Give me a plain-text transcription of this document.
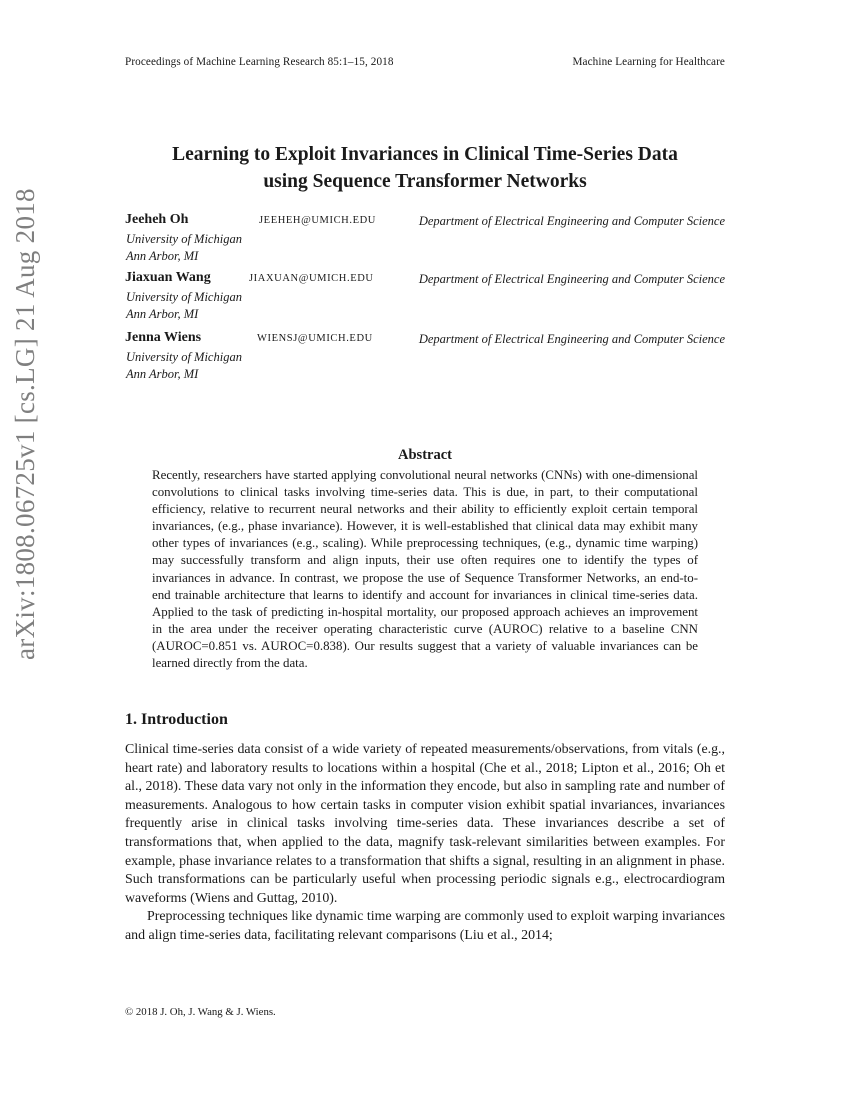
Proceedings of Machine Learning Research 85:1–15, 2018	Machine Learning for Healthcare
Learning to Exploit Invariances in Clinical Time-Series Data
using Sequence Transformer Networks
Jeeheh Oh	JEEHEH@UMICH.EDU	Department of Electrical Engineering and Computer Science
University of Michigan
Ann Arbor, MI
Jiaxuan Wang	JIAXUAN@UMICH.EDU	Department of Electrical Engineering and Computer Science
University of Michigan
Ann Arbor, MI
Jenna Wiens	WIENSJ@UMICH.EDU	Department of Electrical Engineering and Computer Science
University of Michigan
Ann Arbor, MI
Abstract
Recently, researchers have started applying convolutional neural networks (CNNs) with one-dimensional convolutions to clinical tasks involving time-series data. This is due, in part, to their computational efficiency, relative to recurrent neural networks and their ability to efficiently exploit certain temporal invariances, (e.g., phase invariance). However, it is well-established that clinical data may exhibit many other types of invariances (e.g., scaling). While preprocessing techniques, (e.g., dynamic time warping) may successfully transform and align inputs, their use often requires one to identify the types of invariances in advance. In contrast, we propose the use of Sequence Transformer Networks, an end-to-end trainable architecture that learns to identify and account for invariances in clinical time-series data. Applied to the task of predicting in-hospital mortality, our proposed approach achieves an improvement in the area under the receiver operating characteristic curve (AUROC) relative to a baseline CNN (AUROC=0.851 vs. AUROC=0.838). Our results suggest that a variety of valuable invariances can be learned directly from the data.
1. Introduction

Clinical time-series data consist of a wide variety of repeated measurements/observations, from vitals (e.g., heart rate) and laboratory results to locations within a hospital (Che et al., 2018; Lipton et al., 2016; Oh et al., 2018). These data vary not only in the information they encode, but also in sampling rate and number of measurements. Analogous to how certain tasks in computer vision exhibit spatial invariances, invariances frequently arise in clinical tasks involving time-series data. These invariances describe a set of transformations that, when applied to the data, magnify task-relevant similarities between examples. For example, phase invariance relates to a transformation that shifts a signal, resulting in an alignment in phase. Such transformations can be particularly useful when processing periodic signals e.g., electrocardiogram waveforms (Wiens and Guttag, 2010).

Preprocessing techniques like dynamic time warping are commonly used to exploit warping invariances and align time-series data, facilitating relevant comparisons (Liu et al., 2014;

© 2018 J. Oh, J. Wang & J. Wiens.
arXiv:1808.06725v1 [cs.LG] 21 Aug 2018
